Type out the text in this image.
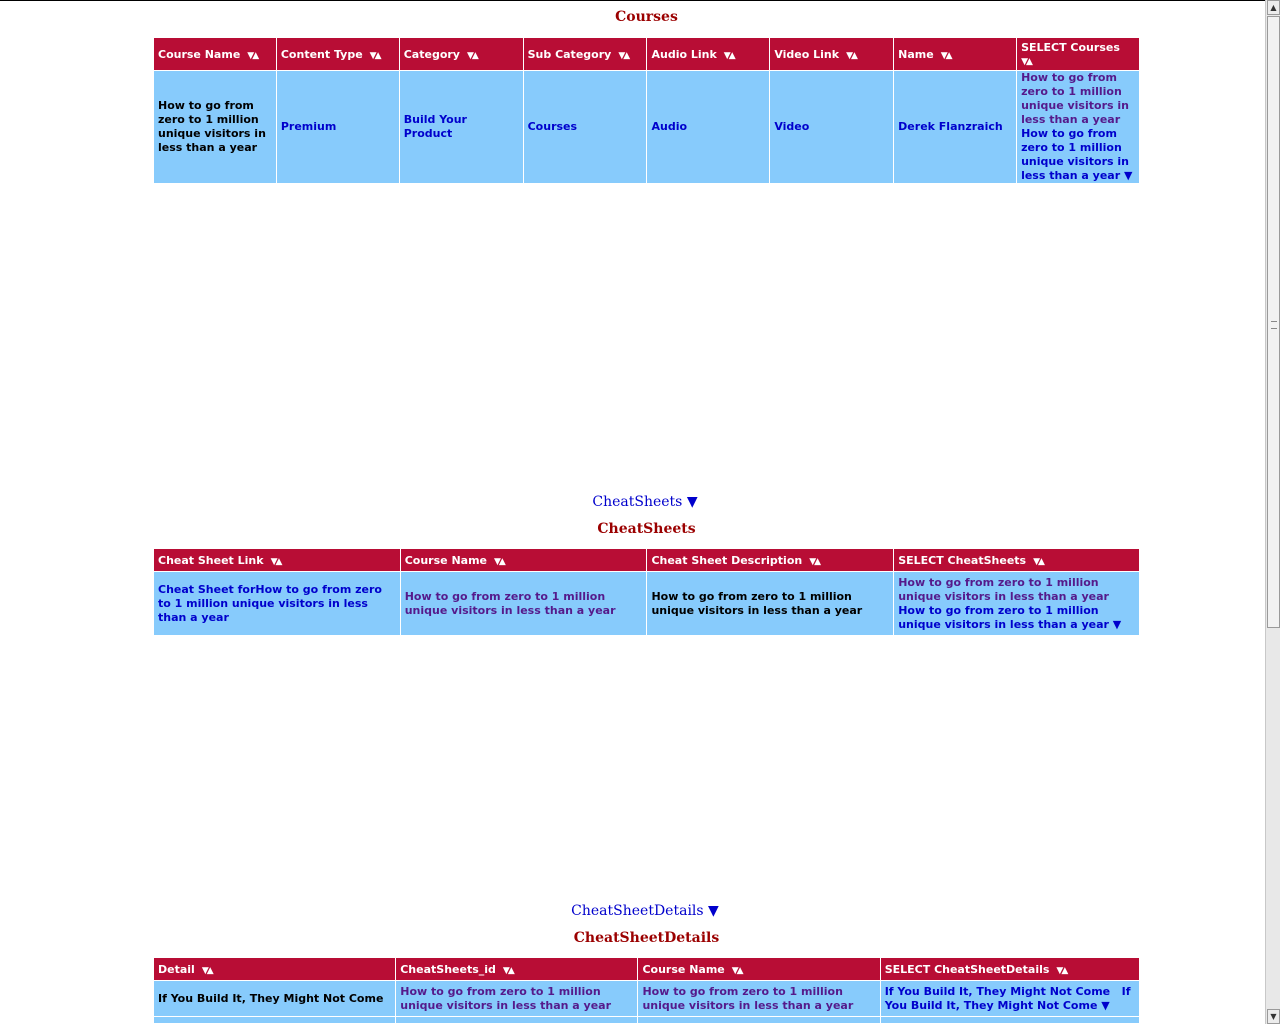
Courses
Course Name ▼▲	Content Type ▼▲	Category ▼▲	Sub Category ▼▲	Audio Link ▼▲	Video Link ▼▲	Name ▼▲	SELECT Courses
▼▲
How to go from zero to 1 million unique visitors in less than a year	Premium	Build Your Product	Courses	Audio	Video	Derek Flanzraich	How to go from zero to 1 million unique visitors in less than a year   How to go from zero to 1 million unique visitors in less than a year ▼
CheatSheets ▼
CheatSheets
Cheat Sheet Link ▼▲	Course Name ▼▲	Cheat Sheet Description ▼▲	SELECT CheatSheets ▼▲
Cheat Sheet forHow to go from zero to 1 million unique visitors in less than a year	How to go from zero to 1 million unique visitors in less than a year	How to go from zero to 1 million unique visitors in less than a year	How to go from zero to 1 million unique visitors in less than a year   How to go from zero to 1 million unique visitors in less than a year ▼
CheatSheetDetails ▼
CheatSheetDetails
Detail ▼▲	CheatSheets_id ▼▲	Course Name ▼▲	SELECT CheatSheetDetails ▼▲
If You Build It, They Might Not Come	How to go from zero to 1 million unique visitors in less than a year	How to go from zero to 1 million unique visitors in less than a year	If You Build It, They Might Not Come If You Build It, They Might Not Come ▼

▲
▼
